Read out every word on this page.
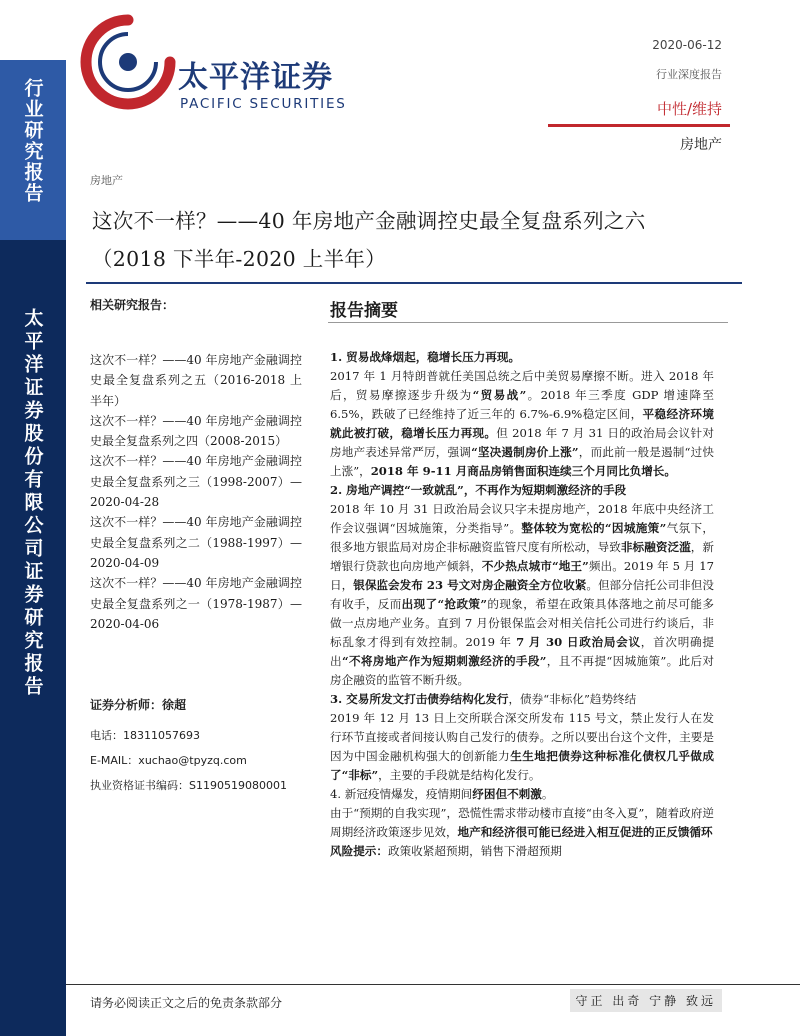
行业研究报告
太平洋证券股份有限公司证券研究报告
太平洋证券
PACIFIC SECURITIES
2020-06-12
行业深度报告
中性/维持
房地产
房地产
这次不一样？——40 年房地产金融调控史最全复盘系列之六
（2018 下半年-2020 上半年）
相关研究报告：
这次不一样？——40 年房地产金融调控史最全复盘系列之五（2016-2018 上半年）
这次不一样？——40 年房地产金融调控史最全复盘系列之四（2008-2015）
这次不一样？——40 年房地产金融调控史最全复盘系列之三（1998-2007）—2020-04-28
这次不一样？——40 年房地产金融调控史最全复盘系列之二（1988-1997）—2020-04-09
这次不一样？——40 年房地产金融调控史最全复盘系列之一（1978-1987）—2020-04-06
证券分析师：徐超
电话：18311057693
E-MAIL：xuchao@tpyzq.com
执业资格证书编码：S1190519080001
报告摘要

1. 贸易战烽烟起，稳增长压力再现。

2017 年 1 月特朗普就任美国总统之后中美贸易摩擦不断。进入 2018 年后，贸易摩擦逐步升级为“贸易战”。2018 年三季度 GDP 增速降至 6.5%，跌破了已经维持了近三年的 6.7%-6.9%稳定区间，平稳经济环境就此被打破，稳增长压力再现。但 2018 年 7 月 31 日的政治局会议针对房地产表述异常严厉，强调“坚决遏制房价上涨”，而此前一般是遏制“过快上涨”，2018 年 9-11 月商品房销售面积连续三个月同比负增长。

2. 房地产调控“一致就乱”，不再作为短期刺激经济的手段

2018 年 10 月 31 日政治局会议只字未提房地产，2018 年底中央经济工作会议强调“因城施策，分类指导”。整体较为宽松的“因城施策”气氛下，很多地方银监局对房企非标融资监管尺度有所松动，导致非标融资泛滥，新增银行贷款也向房地产倾斜，不少热点城市“地王”频出。2019 年 5 月 17 日，银保监会发布 23 号文对房企融资全方位收紧。但部分信托公司非但没有收手，反而出现了“抢政策”的现象，希望在政策具体落地之前尽可能多做一点房地产业务。直到 7 月份银保监会对相关信托公司进行约谈后，非标乱象才得到有效控制。2019 年 7 月 30 日政治局会议，首次明确提出“不将房地产作为短期刺激经济的手段”，且不再提“因城施策”。此后对房企融资的监管不断升级。

3. 交易所发文打击债券结构化发行，债券“非标化”趋势终结

2019 年 12 月 13 日上交所联合深交所发布 115 号文，禁止发行人在发行环节直接或者间接认购自己发行的债券。之所以要出台这个文件，主要是因为中国金融机构强大的创新能力生生地把债券这种标准化债权几乎做成了“非标”，主要的手段就是结构化发行。

4. 新冠疫情爆发，疫情期间纾困但不刺激。

由于“预期的自我实现”，恐慌性需求带动楼市直接“由冬入夏”，随着政府逆周期经济政策逐步见效，地产和经济很可能已经进入相互促进的正反馈循环

风险提示：政策收紧超预期，销售下滑超预期

请务必阅读正文之后的免责条款部分	守正 出奇 宁静 致远
